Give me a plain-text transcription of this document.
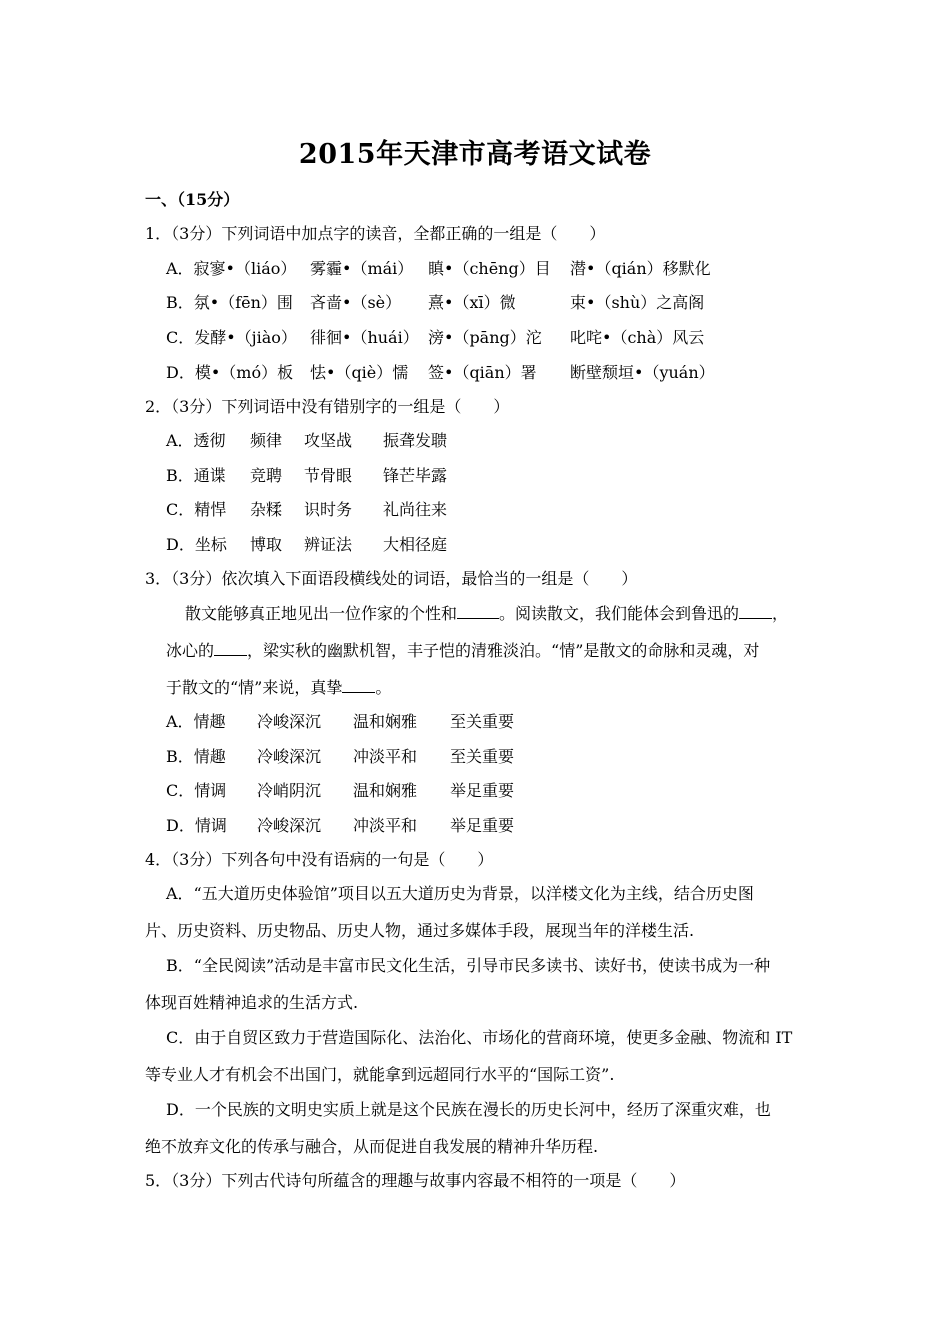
2015年天津市高考语文试卷
一、（15分）
1．（3分）下列词语中加点字的读音，全都正确的一组是（　　）
A．寂寥•（liáo） 雾霾•（mái） 瞋•（chēng）目 潜•（qián）移默化
B．氛•（fēn）围 吝啬•（sè） 熹•（xī）微	束•（shù）之高阁
C．发酵•（jiào） 徘徊•（huái） 滂•（pāng）沱 叱咤•（chà）风云
D．模•（mó）板 怯•（qiè）懦 签•（qiān）署 断壁颓垣•（yuán）
2．（3分）下列词语中没有错别字的一组是（　　）
A．透彻 频律 攻坚战 振聋发聩
B．通谍 竞聘 节骨眼 锋芒毕露
C．精悍 杂糅 识时务 礼尚往来
D．坐标 博取 辨证法 大相径庭
3．（3分）依次填入下面语段横线处的词语，最恰当的一组是（　　）
散文能够真正地见出一位作家的个性和	。阅读散文，我们能体会到鲁迅的 ，
冰心的 ，梁实秋的幽默机智，丰子恺的清雅淡泊。“情”是散文的命脉和灵魂，对
于散文的“情”来说，真挚 。
A．情趣 冷峻深沉 温和娴雅 至关重要
B．情趣 冷峻深沉 冲淡平和 至关重要
C．情调 冷峭阴沉 温和娴雅 举足重要
D．情调 冷峻深沉 冲淡平和 举足重要
4．（3分）下列各句中没有语病的一句是（　　）
A．“五大道历史体验馆”项目以五大道历史为背景，以洋楼文化为主线，结合历史图
片、历史资料、历史物品、历史人物，通过多媒体手段，展现当年的洋楼生活.
B．“全民阅读”活动是丰富市民文化生活，引导市民多读书、读好书，使读书成为一种
体现百姓精神追求的生活方式.
C．由于自贸区致力于营造国际化、法治化、市场化的营商环境，使更多金融、物流和 IT
等专业人才有机会不出国门，就能拿到远超同行水平的“国际工资”.
D．一个民族的文明史实质上就是这个民族在漫长的历史长河中，经历了深重灾难，也
绝不放弃文化的传承与融合，从而促进自我发展的精神升华历程.
5．（3分）下列古代诗句所蕴含的理趣与故事内容最不相符的一项是（　　）
